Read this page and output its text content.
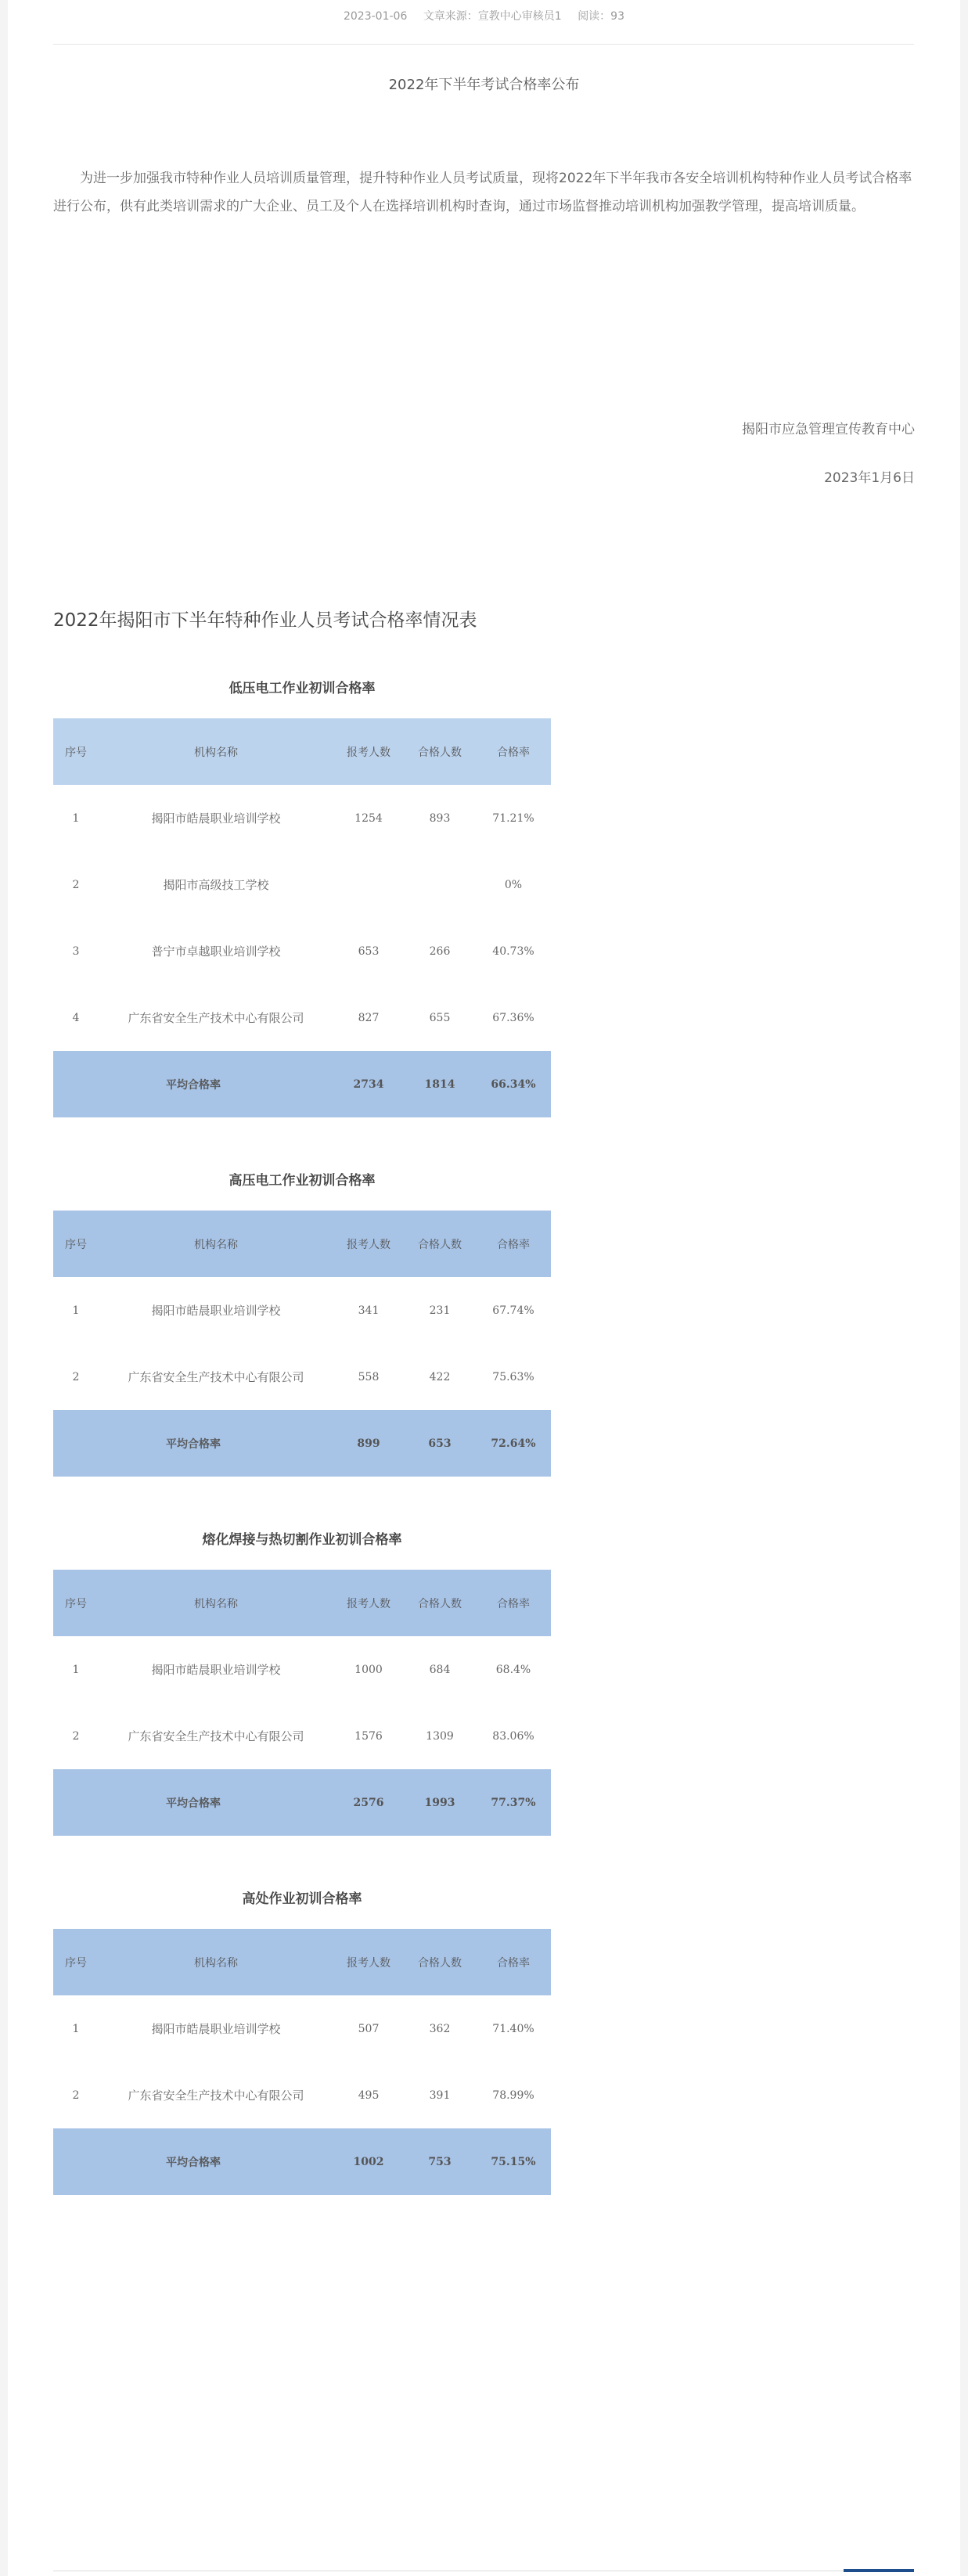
2023-01-06 文章来源：宣教中心审核员1 阅读：93
2022年下半年考试合格率公布

为进一步加强我市特种作业人员培训质量管理，提升特种作业人员考试质量，现将2022年下半年我市各安全培训机构特种作业人员考试合格率进行公布，供有此类培训需求的广大企业、员工及个人在选择培训机构时查询，通过市场监督推动培训机构加强教学管理，提高培训质量。

揭阳市应急管理宣传教育中心
2023年1月6日
2022年揭阳市下半年特种作业人员考试合格率情况表
低压电工作业初训合格率
序号	机构名称	报考人数	合格人数	合格率
1	揭阳市皓晨职业培训学校	1254	893	71.21%
2	揭阳市高级技工学校			0%
3	普宁市卓越职业培训学校	653	266	40.73%
4	广东省安全生产技术中心有限公司	827	655	67.36%
平均合格率		2734	1814	66.34%
高压电工作业初训合格率
序号	机构名称	报考人数	合格人数	合格率
1	揭阳市皓晨职业培训学校	341	231	67.74%
2	广东省安全生产技术中心有限公司	558	422	75.63%
平均合格率		899	653	72.64%
熔化焊接与热切割作业初训合格率
序号	机构名称	报考人数	合格人数	合格率
1	揭阳市皓晨职业培训学校	1000	684	68.4%
2	广东省安全生产技术中心有限公司	1576	1309	83.06%
平均合格率		2576	1993	77.37%
高处作业初训合格率
序号	机构名称	报考人数	合格人数	合格率
1	揭阳市皓晨职业培训学校	507	362	71.40%
2	广东省安全生产技术中心有限公司	495	391	78.99%
平均合格率		1002	753	75.15%
